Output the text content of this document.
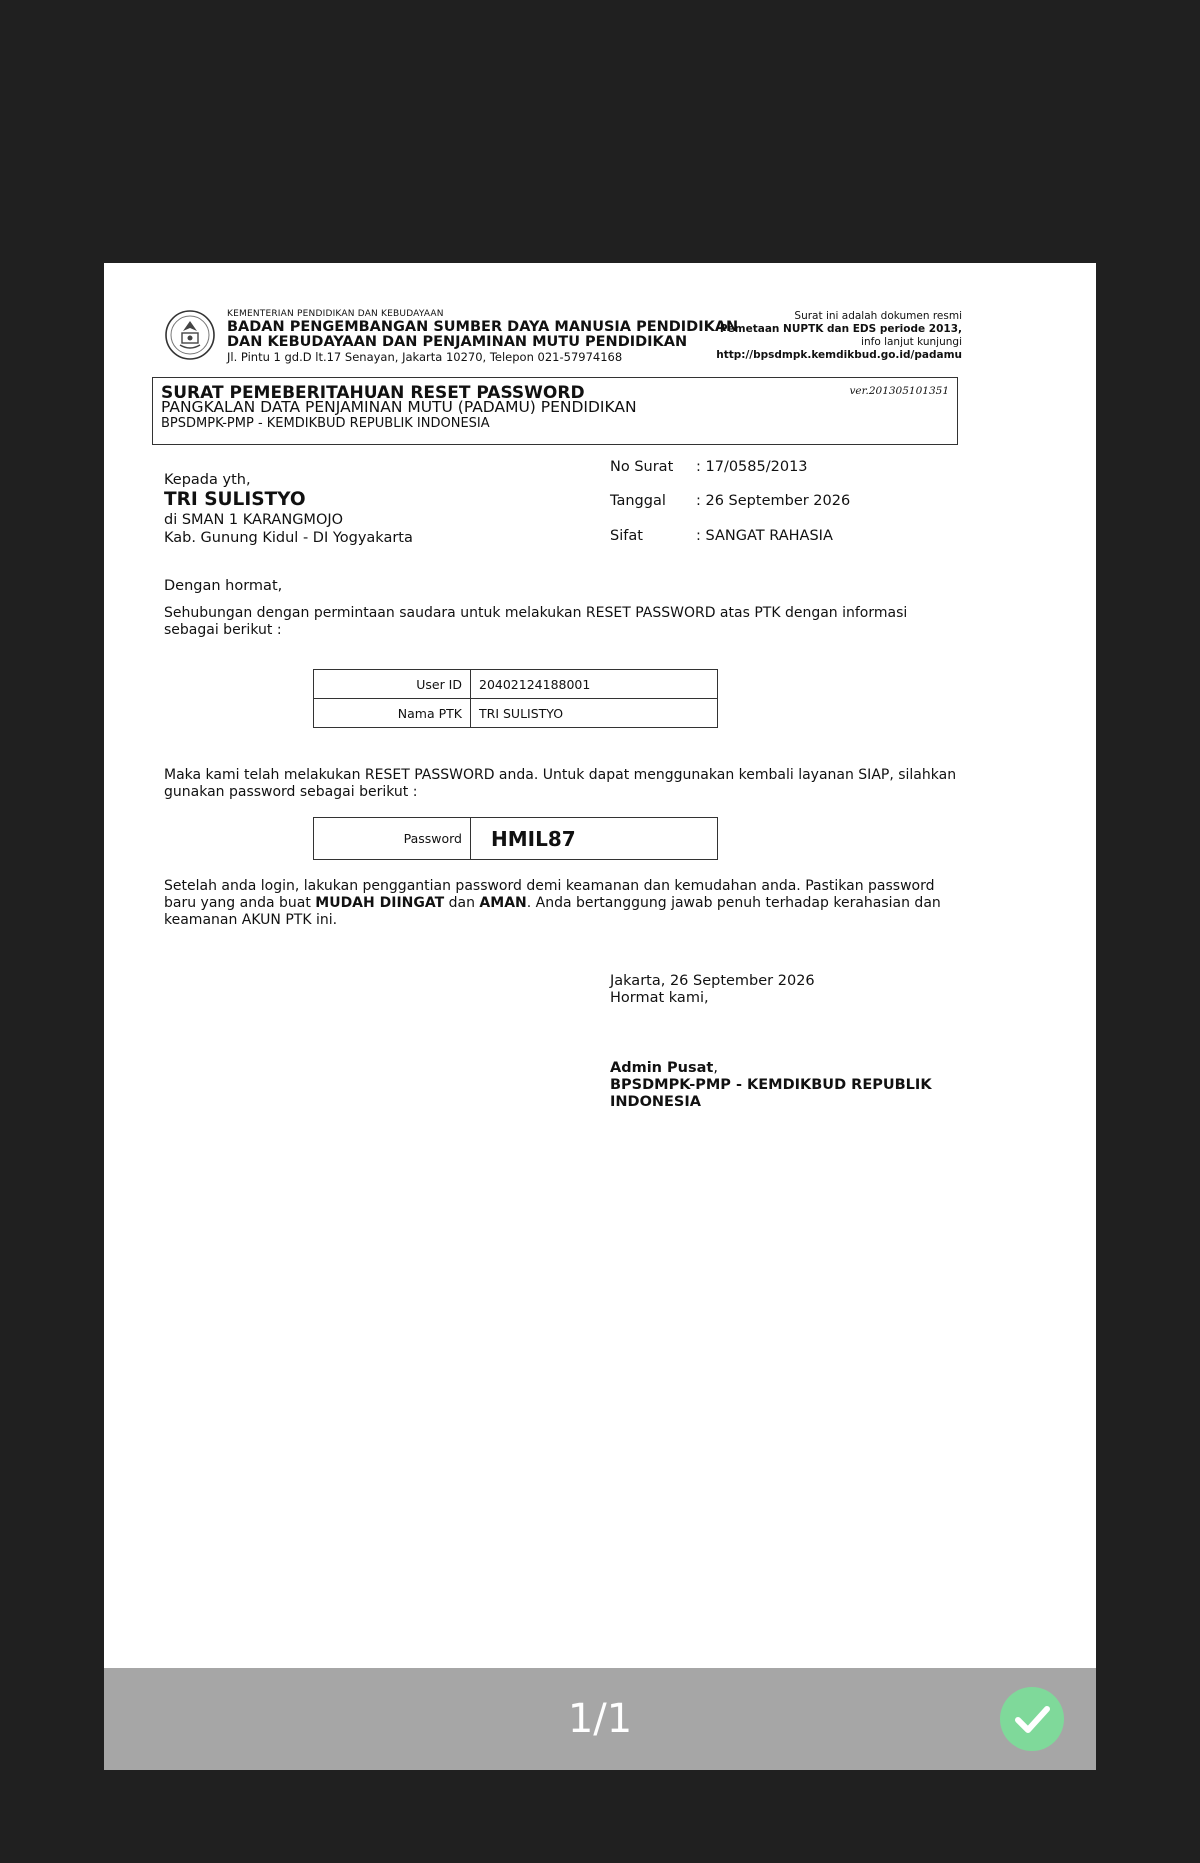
KEMENTERIAN PENDIDIKAN DAN KEBUDAYAAN
BADAN PENGEMBANGAN SUMBER DAYA MANUSIA PENDIDIKAN
DAN KEBUDAYAAN DAN PENJAMINAN MUTU PENDIDIKAN
Jl. Pintu 1 gd.D lt.17 Senayan, Jakarta 10270, Telepon 021-57974168
Surat ini adalah dokumen resmi
Pemetaan NUPTK dan EDS periode 2013,
info lanjut kunjungi
http://bpsdmpk.kemdikbud.go.id/padamu
SURAT PEMEBERITAHUAN RESET PASSWORD
PANGKALAN DATA PENJAMINAN MUTU (PADAMU) PENDIDIKAN
BPSDMPK-PMP - KEMDIKBUD REPUBLIK INDONESIA
ver.201305101351
Kepada yth,
TRI SULISTYO
di SMAN 1 KARANGMOJO
Kab. Gunung Kidul - DI Yogyakarta
No Surat : 17/0585/2013
Tanggal : 26 September 2026
Sifat	: SANGAT RAHASIA
Dengan hormat,
Sehubungan dengan permintaan saudara untuk melakukan RESET PASSWORD atas PTK dengan informasi sebagai berikut :
User ID	20402124188001
Nama PTK	TRI SULISTYO
Maka kami telah melakukan RESET PASSWORD anda. Untuk dapat menggunakan kembali layanan SIAP, silahkan gunakan password sebagai berikut :
Password	HMIL87
Setelah anda login, lakukan penggantian password demi keamanan dan kemudahan anda. Pastikan password baru yang anda buat MUDAH DIINGAT dan AMAN. Anda bertanggung jawab penuh terhadap kerahasian dan keamanan AKUN PTK ini.
Jakarta, 26 September 2026
Hormat kami,
Admin Pusat,
BPSDMPK-PMP - KEMDIKBUD REPUBLIK
INDONESIA
1/1
